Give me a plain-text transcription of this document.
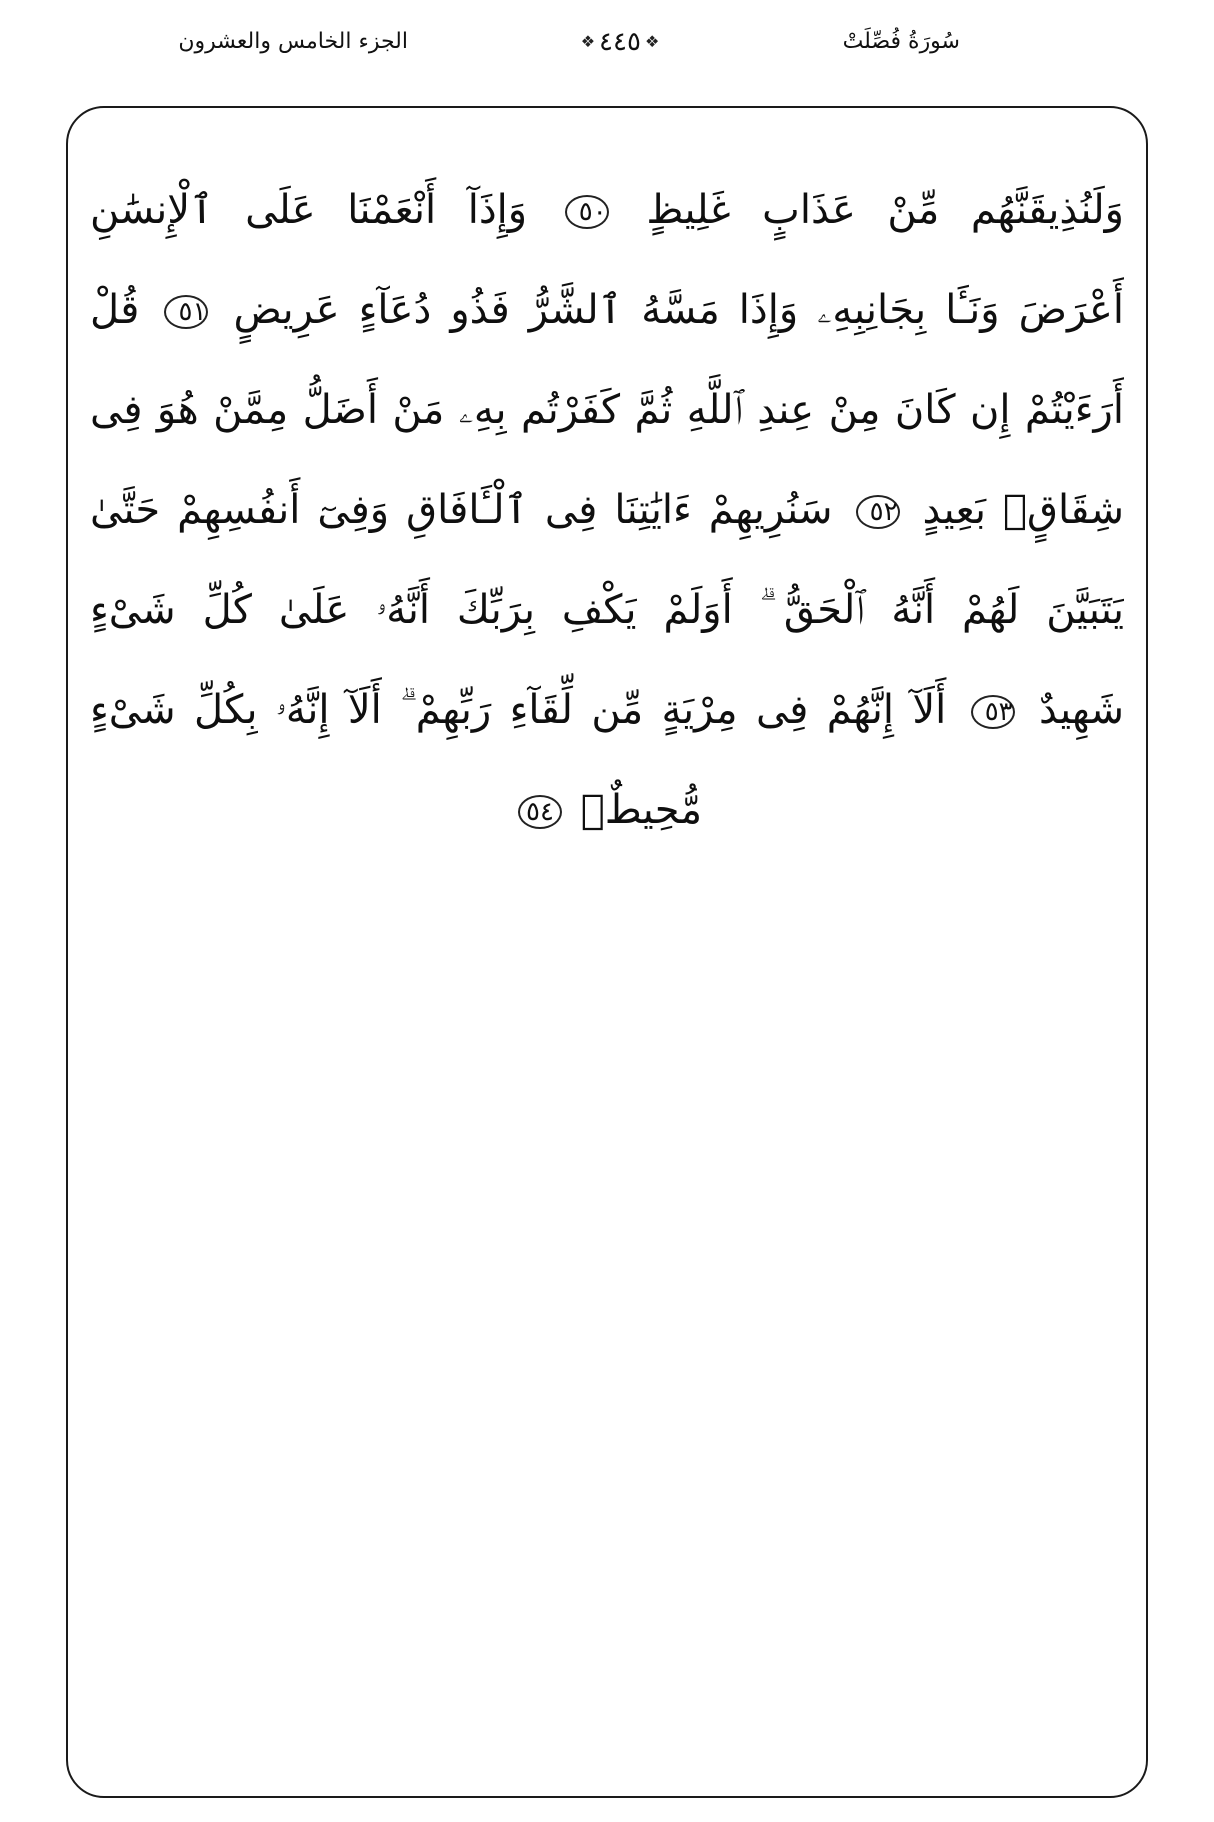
الجزء الخامس والعشرون	❖ ٤٤٥ ❖	سُورَةُ فُصِّلَتْ
وَلَنُذِيقَنَّهُم مِّنْ عَذَابٍ غَلِيظٍ ٥٠ وَإِذَآ أَنْعَمْنَا عَلَى ٱلْإِنسَٰنِ
أَعْرَضَ وَنَـَٔا بِجَانِبِهِۦ وَإِذَا مَسَّهُ ٱلشَّرُّ فَذُو دُعَآءٍ عَرِيضٍ ٥١ قُلْ
أَرَءَيْتُمْ إِن كَانَ مِنْ عِندِ ٱللَّهِ ثُمَّ كَفَرْتُم بِهِۦ مَنْ أَضَلُّ مِمَّنْ هُوَ فِى
شِقَاقٍۭ بَعِيدٍ ٥٢ سَنُرِيهِمْ ءَايَٰتِنَا فِى ٱلْـَٔافَاقِ وَفِىٓ أَنفُسِهِمْ حَتَّىٰ
يَتَبَيَّنَ لَهُمْ أَنَّهُ ٱلْحَقُّ ۗ أَوَلَمْ يَكْفِ بِرَبِّكَ أَنَّهُۥ عَلَىٰ كُلِّ شَىْءٍ
شَهِيدٌ ٥٣ أَلَآ إِنَّهُمْ فِى مِرْيَةٍ مِّن لِّقَآءِ رَبِّهِمْ ۗ أَلَآ إِنَّهُۥ بِكُلِّ شَىْءٍ
مُّحِيطٌۢ ٥٤
